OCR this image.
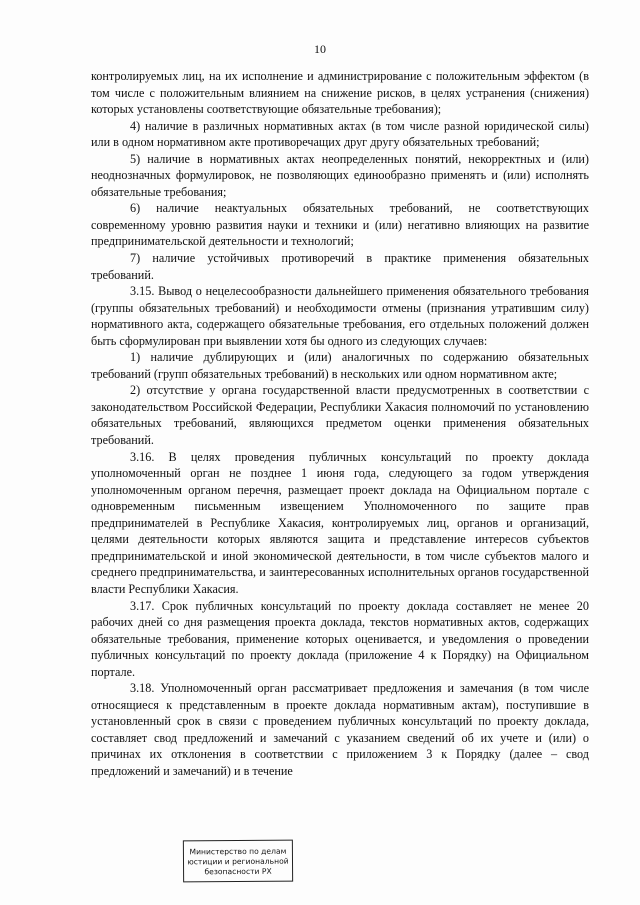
10

контролируемых лиц, на их исполнение и администрирование с положительным эффектом (в том числе с положительным влиянием на снижение рисков, в целях устранения (снижения) которых установлены соответствующие обязательные требования);

4) наличие в различных нормативных актах (в том числе разной юридической силы) или в одном нормативном акте противоречащих друг другу обязательных требований;

5) наличие в нормативных актах неопределенных понятий, некорректных и (или) неоднозначных формулировок, не позволяющих единообразно применять и (или) исполнять обязательные требования;

6) наличие неактуальных обязательных требований, не соответствующих современному уровню развития науки и техники и (или) негативно влияющих на развитие предпринимательской деятельности и технологий;

7) наличие устойчивых противоречий в практике применения обязательных требований.

3.15. Вывод о нецелесообразности дальнейшего применения обязательного требования (группы обязательных требований) и необходимости отмены (признания утратившим силу) нормативного акта, содержащего обязательные требования, его отдельных положений должен быть сформулирован при выявлении хотя бы одного из следующих случаев:

1) наличие дублирующих и (или) аналогичных по содержанию обязательных требований (групп обязательных требований) в нескольких или одном нормативном акте;

2) отсутствие у органа государственной власти предусмотренных в соответствии с законодательством Российской Федерации, Республики Хакасия полномочий по установлению обязательных требований, являющихся предметом оценки применения обязательных требований.

3.16. В целях проведения публичных консультаций по проекту доклада уполномоченный орган не позднее 1 июня года, следующего за годом утверждения уполномоченным органом перечня, размещает проект доклада на Официальном портале с одновременным письменным извещением Уполномоченного по защите прав предпринимателей в Республике Хакасия, контролируемых лиц, органов и организаций, целями деятельности которых являются защита и представление интересов субъектов предпринимательской и иной экономической деятельности, в том числе субъектов малого и среднего предпринимательства, и заинтересованных исполнительных органов государственной власти Республики Хакасия.

3.17. Срок публичных консультаций по проекту доклада составляет не менее 20 рабочих дней со дня размещения проекта доклада, текстов нормативных актов, содержащих обязательные требования, применение которых оценивается, и уведомления о проведении публичных консультаций по проекту доклада (приложение 4 к Порядку) на Официальном портале.

3.18. Уполномоченный орган рассматривает предложения и замечания (в том числе относящиеся к представленным в проекте доклада нормативным актам), поступившие в установленный срок в связи с проведением публичных консультаций по проекту доклада, составляет свод предложений и замечаний с указанием сведений об их учете и (или) о причинах их отклонения в соответствии с приложением 3 к Порядку (далее – свод предложений и замечаний) и в течение

Министерство по делам
юстиции и региональной
безопасности РХ
